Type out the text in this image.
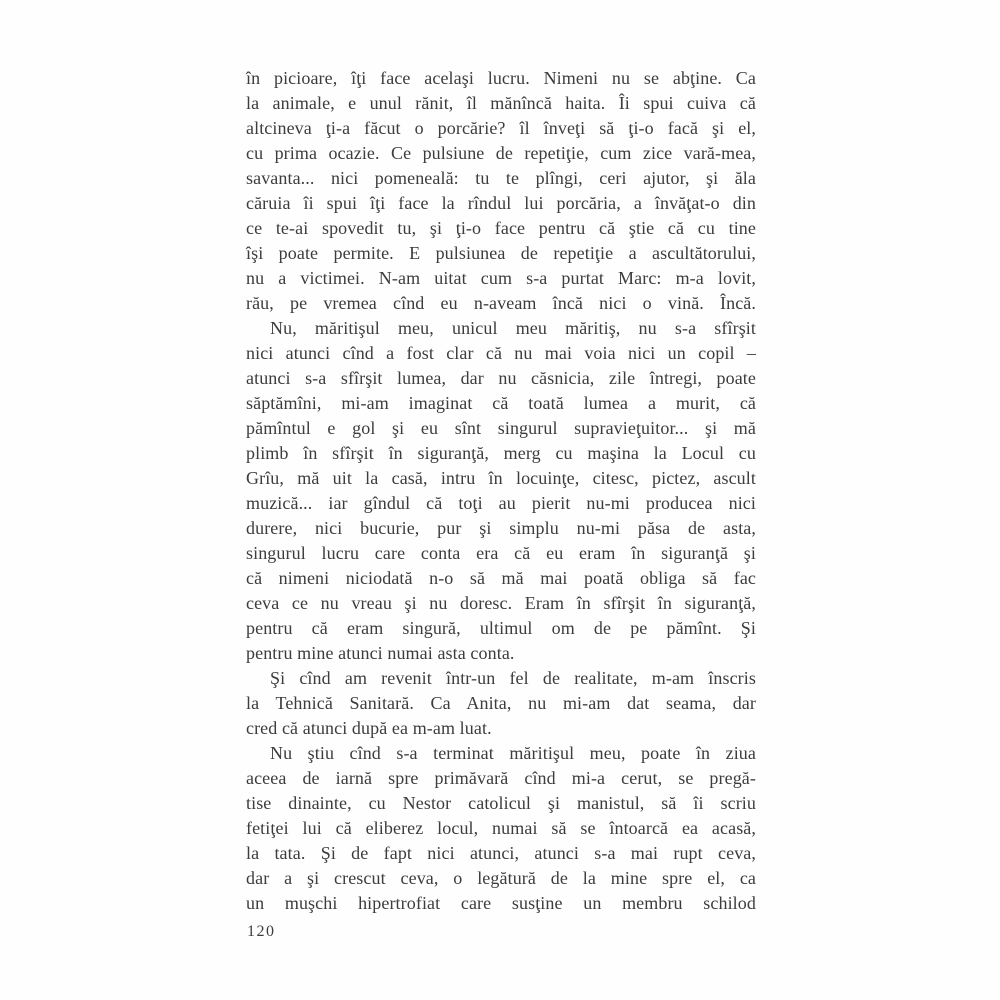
în picioare, îţi face acelaşi lucru. Nimeni nu se abţine. Ca
la animale, e unul rănit, îl mănîncă haita. Îi spui cuiva că
altcineva ţi-a făcut o porcărie? îl înveţi să ţi-o facă şi el,
cu prima ocazie. Ce pulsiune de repetiţie, cum zice vară-mea,
savanta... nici pomeneală: tu te plîngi, ceri ajutor, şi ăla
căruia îi spui îţi face la rîndul lui porcăria, a învăţat-o din
ce te-ai spovedit tu, şi ţi-o face pentru că ştie că cu tine
îşi poate permite. E pulsiunea de repetiţie a ascultătorului,
nu a victimei. N-am uitat cum s-a purtat Marc: m-a lovit,
rău, pe vremea cînd eu n-aveam încă nici o vină. Încă.
Nu, măritişul meu, unicul meu măritiş, nu s-a sfîrşit
nici atunci cînd a fost clar că nu mai voia nici un copil –
atunci s-a sfîrşit lumea, dar nu căsnicia, zile întregi, poate
săptămîni, mi-am imaginat că toată lumea a murit, că
pămîntul e gol şi eu sînt singurul supravieţuitor... şi mă
plimb în sfîrşit în siguranţă, merg cu maşina la Locul cu
Grîu, mă uit la casă, intru în locuinţe, citesc, pictez, ascult
muzică... iar gîndul că toţi au pierit nu-mi producea nici
durere, nici bucurie, pur şi simplu nu-mi păsa de asta,
singurul lucru care conta era că eu eram în siguranţă şi
că nimeni niciodată n-o să mă mai poată obliga să fac
ceva ce nu vreau şi nu doresc. Eram în sfîrşit în siguranţă,
pentru că eram singură, ultimul om de pe pămînt. Şi
pentru mine atunci numai asta conta.
Şi cînd am revenit într-un fel de realitate, m-am înscris
la Tehnică Sanitară. Ca Anita, nu mi-am dat seama, dar
cred că atunci după ea m-am luat.
Nu ştiu cînd s-a terminat măritişul meu, poate în ziua
aceea de iarnă spre primăvară cînd mi-a cerut, se pregă-
tise dinainte, cu Nestor catolicul şi manistul, să îi scriu
fetiţei lui că eliberez locul, numai să se întoarcă ea acasă,
la tata. Şi de fapt nici atunci, atunci s-a mai rupt ceva,
dar a şi crescut ceva, o legătură de la mine spre el, ca
un muşchi hipertrofiat care susţine un membru schilod
120
